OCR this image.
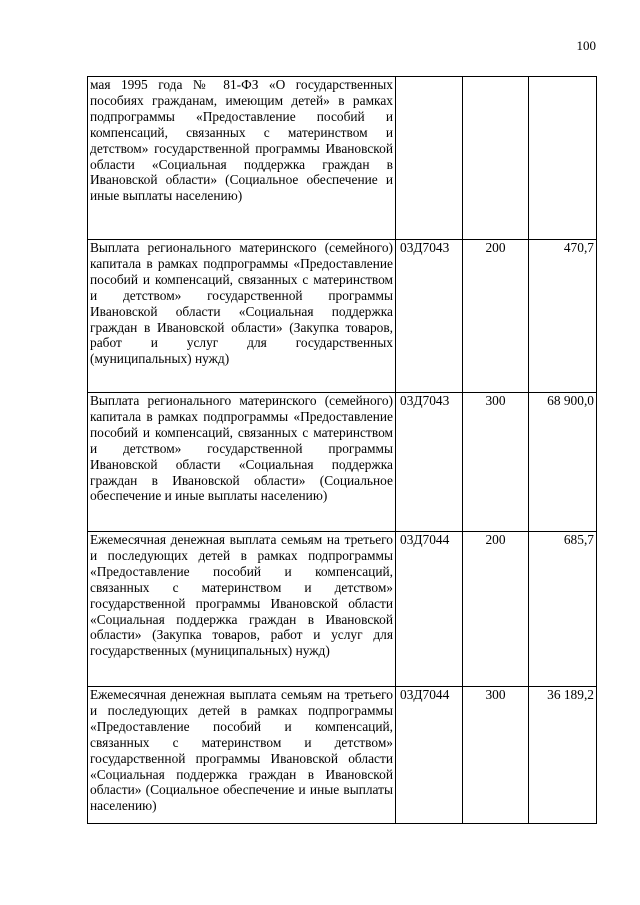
100
мая 1995 года № 81-ФЗ «О государственных пособиях гражданам, имеющим детей» в рамках подпрограммы «Предоставление пособий и компенсаций, связанных с материнством и детством» государственной программы Ивановской области «Социальная поддержка граждан в Ивановской области» (Социальное обеспечение и иные выплаты населению)			
Выплата регионального материнского (семейного) капитала в рамках подпрограммы «Предоставление пособий и компенсаций, связанных с материнством и детством» государственной программы Ивановской области «Социальная поддержка граждан в Ивановской области» (Закупка товаров, работ и услуг для государственных (муниципальных) нужд)	03Д7043	200	470,7
Выплата регионального материнского (семейного) капитала в рамках подпрограммы «Предоставление пособий и компенсаций, связанных с материнством и детством» государственной программы Ивановской области «Социальная поддержка граждан в Ивановской области» (Социальное обеспечение и иные выплаты населению)	03Д7043	300	68 900,0
Ежемесячная денежная выплата семьям на третьего и последующих детей в рамках подпрограммы «Предоставление пособий и компенсаций, связанных с материнством и детством» государственной программы Ивановской области «Социальная поддержка граждан в Ивановской области» (Закупка товаров, работ и услуг для государственных (муниципальных) нужд)	03Д7044	200	685,7
Ежемесячная денежная выплата семьям на третьего и последующих детей в рамках подпрограммы «Предоставление пособий и компенсаций, связанных с материнством и детством» государственной программы Ивановской области «Социальная поддержка граждан в Ивановской области» (Социальное обеспечение и иные выплаты населению)	03Д7044	300	36 189,2
